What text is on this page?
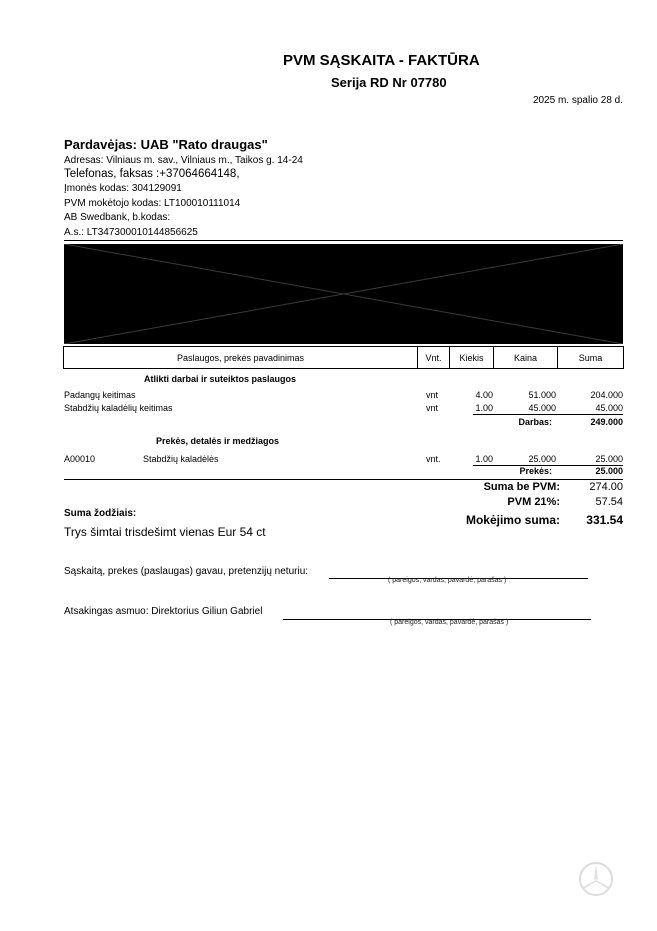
PVM SĄSKAITA - FAKTŪRA
Serija RD Nr 07780
2025 m. spalio 28 d.
Pardavėjas: UAB "Rato draugas"
Adresas: Vilniaus m. sav., Vilniaus m., Taikos g. 14-24
Telefonas, faksas :+37064664148,
Įmonės kodas: 304129091
PVM mokėtojo kodas: LT100010111014
AB Swedbank, b.kodas:
A.s.: LT347300010144856625
Paslaugos, prekės pavadinimas	Vnt.	Kiekis	Kaina	Suma
Atlikti darbai ir suteiktos paslaugos
Padangų keitimas	vnt	4.00	51.000	204.000
Stabdžių kaladėlių keitimas	vnt	1.00	45.000	45.000
Darbas:	249.000
Prekės, detalės ir medžiagos
A00010	Stabdžių kaladėlės	vnt.	1.00	25.000	25.000
Prekės:	25.000
Suma be PVM:	274.00
PVM 21%:	57.54
Mokėjimo suma:	331.54
Suma žodžiais:
Trys šimtai trisdešimt vienas Eur 54 ct
Sąskaitą, prekes (paslaugas) gavau, pretenzijų neturiu:
( pareigos, vardas, pavardė, parašas )
Atsakingas asmuo: Direktorius Giliun Gabriel
( pareigos, vardas, pavardė, parašas )
